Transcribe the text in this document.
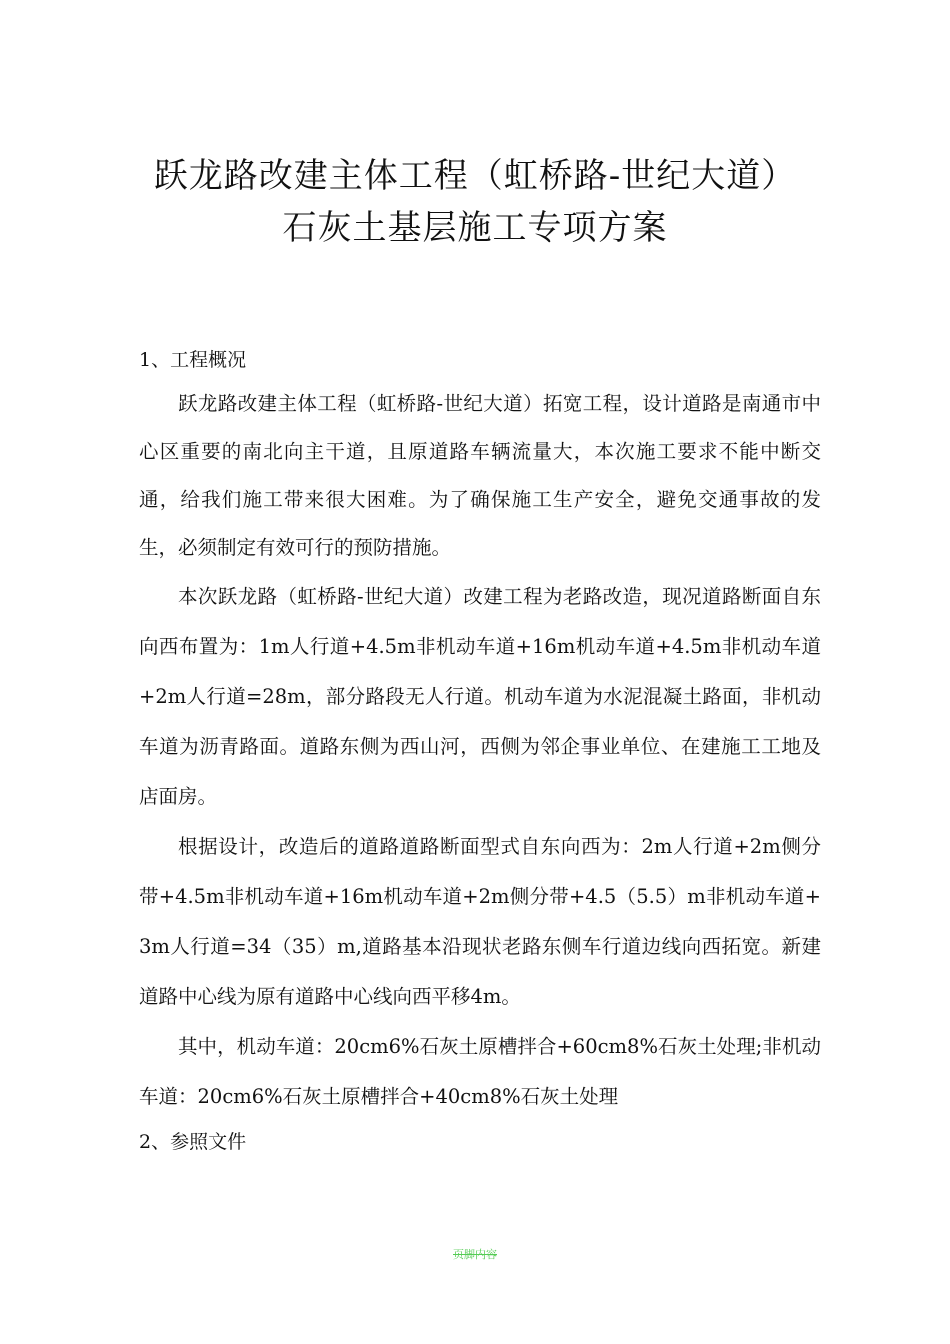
跃龙路改建主体工程（虹桥路-世纪大道）
石灰土基层施工专项方案

1、工程概况

跃龙路改建主体工程（虹桥路-世纪大道）拓宽工程，设计道路是南通市中心区重要的南北向主干道，且原道路车辆流量大，本次施工要求不能中断交通，给我们施工带来很大困难。为了确保施工生产安全，避免交通事故的发生，必须制定有效可行的预防措施。

本次跃龙路（虹桥路-世纪大道）改建工程为老路改造，现况道路断面自东向西布置为：1m人行道+4.5m非机动车道+16m机动车道+4.5m非机动车道+2m人行道=28m，部分路段无人行道。机动车道为水泥混凝土路面，非机动车道为沥青路面。道路东侧为西山河，西侧为邻企事业单位、在建施工工地及店面房。

根据设计，改造后的道路道路断面型式自东向西为：2m人行道+2m侧分带+4.5m非机动车道+16m机动车道+2m侧分带+4.5（5.5）m非机动车道+3m人行道=34（35）m,道路基本沿现状老路东侧车行道边线向西拓宽。新建道路中心线为原有道路中心线向西平移4m。

其中，机动车道：20cm6%石灰土原槽拌合+60cm8%石灰土处理;非机动车道：20cm6%石灰土原槽拌合+40cm8%石灰土处理

2、参照文件

页脚内容
